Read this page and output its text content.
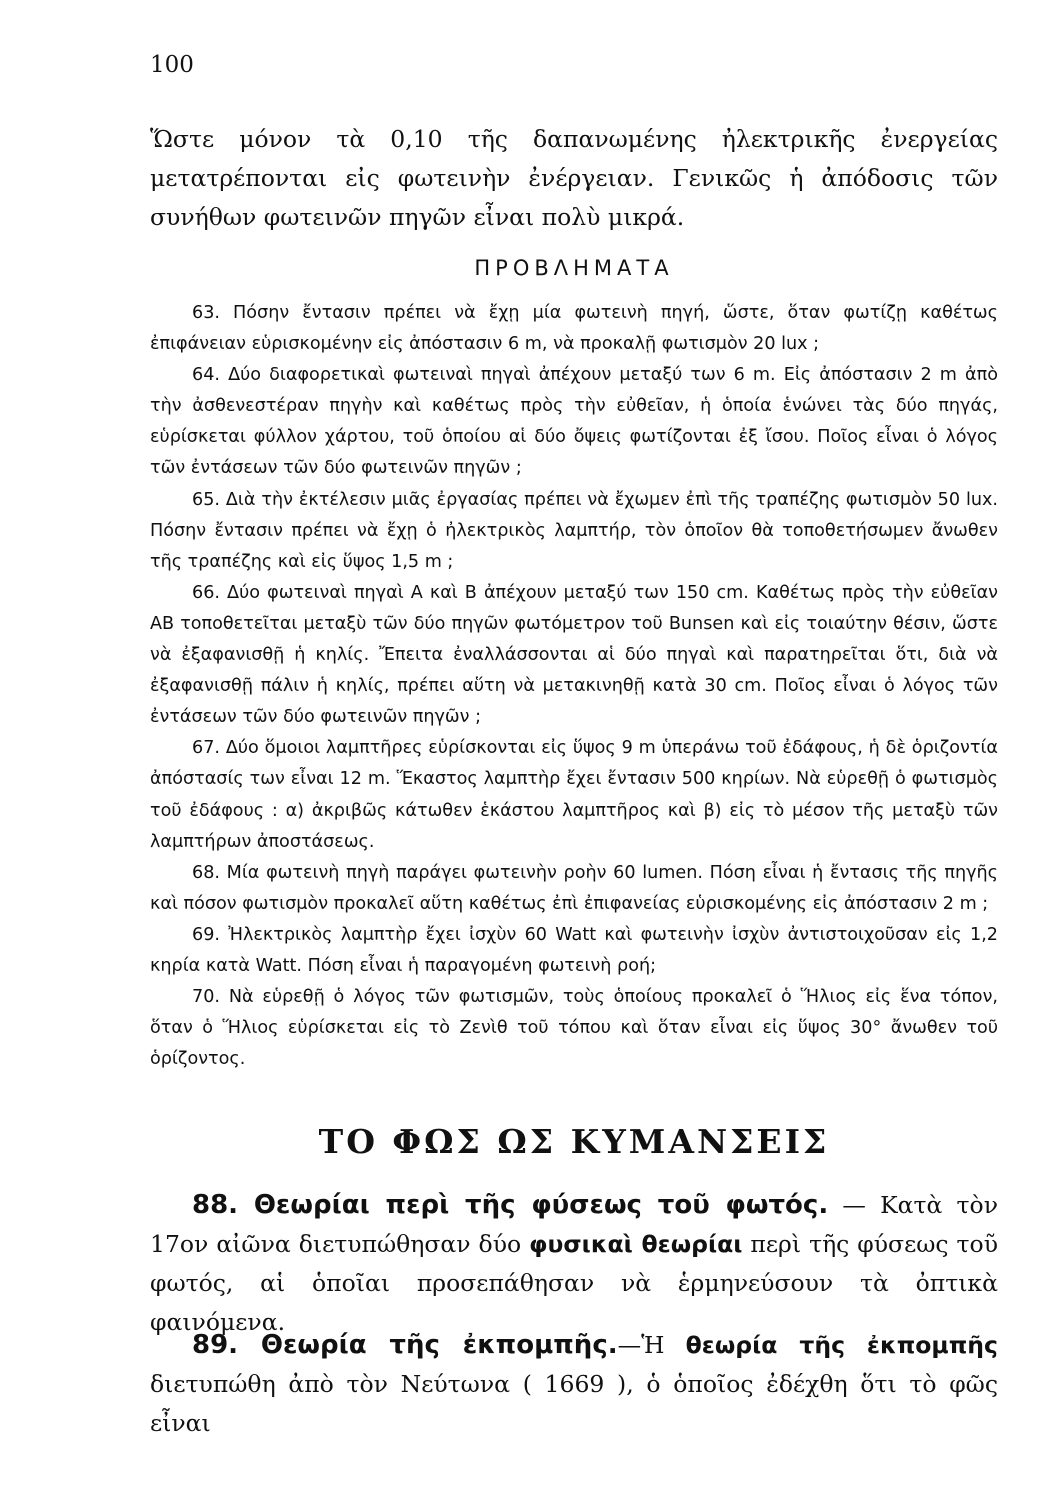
100

Ὥστε μόνον τὰ 0,10 τῆς δαπανωμένης ἠλεκτρικῆς ἐνεργείας μετατρέπονται εἰς φωτεινὴν ἐνέργειαν. Γενικῶς ἡ ἀπόδοσις τῶν συνήθων φωτεινῶν πηγῶν εἶναι πολὺ μικρά.

ΠΡΟΒΛΗΜΑΤΑ

63. Πόσην ἔντασιν πρέπει νὰ ἔχῃ μία φωτεινὴ πηγή, ὥστε, ὅταν φωτίζῃ καθέτως ἐπιφάνειαν εὑρισκομένην εἰς ἀπόστασιν 6 m, νὰ προκαλῇ φωτισμὸν 20 lux ;

64. Δύο διαφορετικαὶ φωτειναὶ πηγαὶ ἀπέχουν μεταξύ των 6 m. Εἰς ἀπόστασιν 2 m ἀπὸ τὴν ἀσθενεστέραν πηγὴν καὶ καθέτως πρὸς τὴν εὐθεῖαν, ἡ ὁποία ἑνώνει τὰς δύο πηγάς, εὑρίσκεται φύλλον χάρτου, τοῦ ὁποίου αἱ δύο ὄψεις φωτίζονται ἐξ ἴσου. Ποῖος εἶναι ὁ λόγος τῶν ἐντάσεων τῶν δύο φωτεινῶν πηγῶν ;

65. Διὰ τὴν ἐκτέλεσιν μιᾶς ἐργασίας πρέπει νὰ ἔχωμεν ἐπὶ τῆς τραπέζης φωτισμὸν 50 lux. Πόσην ἔντασιν πρέπει νὰ ἔχῃ ὁ ἠλεκτρικὸς λαμπτήρ, τὸν ὁποῖον θὰ τοποθετήσωμεν ἄνωθεν τῆς τραπέζης καὶ εἰς ὕψος 1,5 m ;

66. Δύο φωτειναὶ πηγαὶ Α καὶ Β ἀπέχουν μεταξύ των 150 cm. Καθέτως πρὸς τὴν εὐθεῖαν ΑΒ τοποθετεῖται μεταξὺ τῶν δύο πηγῶν φωτόμετρον τοῦ Bunsen καὶ εἰς τοιαύτην θέσιν, ὥστε νὰ ἐξαφανισθῇ ἡ κηλίς. Ἔπειτα ἐναλλάσσονται αἱ δύο πηγαὶ καὶ παρατηρεῖται ὅτι, διὰ νὰ ἐξαφανισθῇ πάλιν ἡ κηλίς, πρέπει αὕτη νὰ μετακινηθῇ κατὰ 30 cm. Ποῖος εἶναι ὁ λόγος τῶν ἐντάσεων τῶν δύο φωτεινῶν πηγῶν ;

67. Δύο ὅμοιοι λαμπτῆρες εὑρίσκονται εἰς ὕψος 9 m ὑπεράνω τοῦ ἐδάφους, ἡ δὲ ὁριζοντία ἀπόστασίς των εἶναι 12 m. Ἕκαστος λαμπτὴρ ἔχει ἔντασιν 500 κηρίων. Νὰ εὑρεθῇ ὁ φωτισμὸς τοῦ ἐδάφους : α) ἀκριβῶς κάτωθεν ἑκάστου λαμπτῆρος καὶ β) εἰς τὸ μέσον τῆς μεταξὺ τῶν λαμπτήρων ἀποστάσεως.

68. Μία φωτεινὴ πηγὴ παράγει φωτεινὴν ροὴν 60 lumen. Πόση εἶναι ἡ ἔντασις τῆς πηγῆς καὶ πόσον φωτισμὸν προκαλεῖ αὕτη καθέτως ἐπὶ ἐπιφανείας εὑρισκομένης εἰς ἀπόστασιν 2 m ;

69. Ἠλεκτρικὸς λαμπτὴρ ἔχει ἰσχὺν 60 Watt καὶ φωτεινὴν ἰσχὺν ἀντιστοιχοῦσαν εἰς 1,2 κηρία κατὰ Watt. Πόση εἶναι ἡ παραγομένη φωτεινὴ ροή;

70. Νὰ εὑρεθῇ ὁ λόγος τῶν φωτισμῶν, τοὺς ὁποίους προκαλεῖ ὁ Ἥλιος εἰς ἕνα τόπον, ὅταν ὁ Ἥλιος εὑρίσκεται εἰς τὸ Ζενὶθ τοῦ τόπου καὶ ὅταν εἶναι εἰς ὕψος 30° ἄνωθεν τοῦ ὁρίζοντος.

ΤΟ ΦΩΣ ΩΣ ΚΥΜΑΝΣΕΙΣ

88. Θεωρίαι περὶ τῆς φύσεως τοῦ φωτός. — Κατὰ τὸν 17ον αἰῶνα διετυπώθησαν δύο φυσικαὶ θεωρίαι περὶ τῆς φύσεως τοῦ φωτός, αἱ ὁποῖαι προσεπάθησαν νὰ ἑρμηνεύσουν τὰ ὀπτικὰ φαινόμενα.

89. Θεωρία τῆς ἐκπομπῆς.—Ἡ θεωρία τῆς ἐκπομπῆς διετυπώθη ἀπὸ τὸν Νεύτωνα ( 1669 ), ὁ ὁποῖος ἐδέχθη ὅτι τὸ φῶς εἶναι
